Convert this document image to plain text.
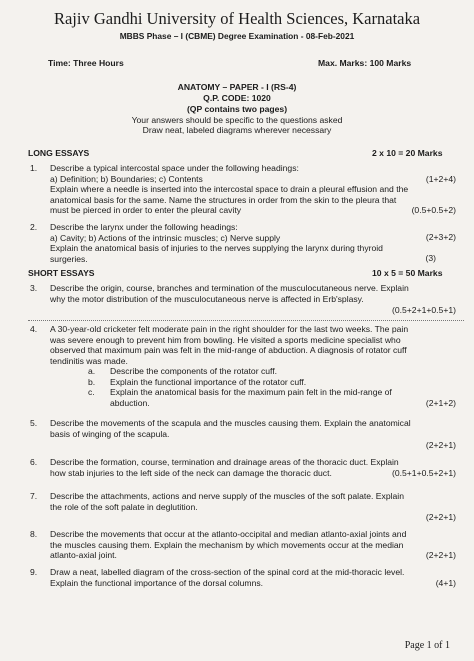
Rajiv Gandhi University of Health Sciences, Karnataka
MBBS Phase – I (CBME) Degree Examination - 08-Feb-2021
Time: Three Hours	Max. Marks: 100 Marks
ANATOMY – PAPER - I (RS-4)
Q.P. CODE: 1020
(QP contains two pages)
Your answers should be specific to the questions asked
Draw neat, labeled diagrams wherever necessary
LONG ESSAYS	2 x 10 = 20 Marks
1. Describe a typical intercostal space under the following headings:
a) Definition; b) Boundaries; c) Contents
Explain where a needle is inserted into the intercostal space to drain a pleural effusion and the
anatomical basis for the same. Name the structures in order from the skin to the pleura that
must be pierced in order to enter the pleural cavity
(1+2+4)
(0.5+0.5+2)
2. Describe the larynx under the following headings:
a) Cavity; b) Actions of the intrinsic muscles; c) Nerve supply
Explain the anatomical basis of injuries to the nerves supplying the larynx during thyroid
surgeries.
(2+3+2)
(3)
SHORT ESSAYS	10 x 5 = 50 Marks
3. Describe the origin, course, branches and termination of the musculocutaneous nerve. Explain
why the motor distribution of the musculocutaneous nerve is affected in Erb'splasy.
(0.5+2+1+0.5+1)
4. A 30-year-old cricketer felt moderate pain in the right shoulder for the last two weeks. The pain
was severe enough to prevent him from bowling. He visited a sports medicine specialist who
observed that maximum pain was felt in the mid-range of abduction. A diagnosis of rotator cuff
tendinitis was made.
a.
b.
c.
Describe the components of the rotator cuff.
Explain the functional importance of the rotator cuff.
Explain the anatomical basis for the maximum pain felt in the mid-range of
abduction.	(2+1+2)
5. Describe the movements of the scapula and the muscles causing them. Explain the anatomical
basis of winging of the scapula.
(2+2+1)
6. Describe the formation, course, termination and drainage areas of the thoracic duct. Explain
how stab injuries to the left side of the neck can damage the thoracic duct.	(0.5+1+0.5+2+1)
7. Describe the attachments, actions and nerve supply of the muscles of the soft palate. Explain
the role of the soft palate in deglutition.
(2+2+1)
8. Describe the movements that occur at the atlanto-occipital and median atlanto-axial joints and
the muscles causing them. Explain the mechanism by which movements occur at the median
atlanto-axial joint.	(2+2+1)
9. Draw a neat, labelled diagram of the cross-section of the spinal cord at the mid-thoracic level.
Explain the functional importance of the dorsal columns.	(4+1)
Page 1 of 1
